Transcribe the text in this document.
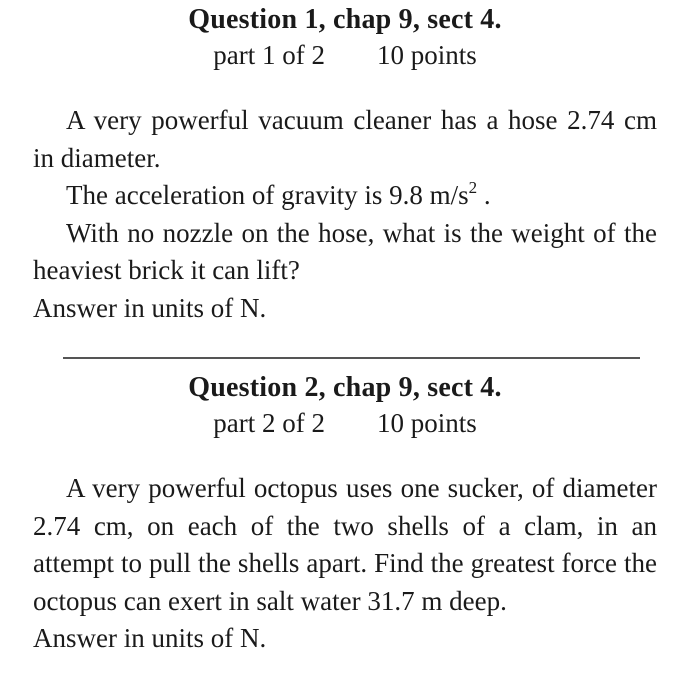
Question 1, chap 9, sect 4.
part 1 of 2 10 points

A very powerful vacuum cleaner has a hose 2.74 cm in diameter.

The acceleration of gravity is 9.8 $m/s^2$ .

With no nozzle on the hose, what is the weight of the heaviest brick it can lift?

Answer in units of N.

Question 2, chap 9, sect 4.
part 2 of 2 10 points

A very powerful octopus uses one sucker, of diameter 2.74 cm, on each of the two shells of a clam, in an attempt to pull the shells apart. Find the greatest force the octopus can exert in salt water 31.7 m deep.

Answer in units of N.
